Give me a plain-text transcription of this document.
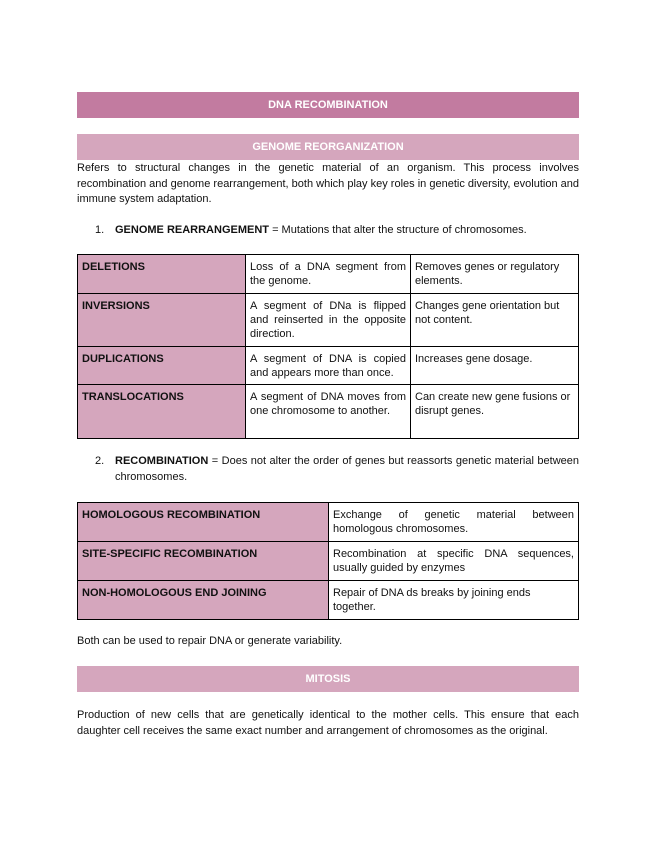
DNA RECOMBINATION
GENOME REORGANIZATION

Refers to structural changes in the genetic material of an organism. This process involves recombination and genome rearrangement, both which play key roles in genetic diversity, evolution and immune system adaptation.

1. GENOME REARRANGEMENT = Mutations that alter the structure of chromosomes.
DELETIONS	Loss of a DNA segment from the genome.	Removes genes or regulatory elements.
INVERSIONS	A segment of DNa is flipped and reinserted in the opposite direction.	Changes gene orientation but not content.
DUPLICATIONS	A segment of DNA is copied and appears more than once.	Increases gene dosage.
TRANSLOCATIONS	A segment of DNA moves from one chromosome to another.	Can create new gene fusions or disrupt genes.
2. RECOMBINATION = Does not alter the order of genes but reassorts genetic material between chromosomes.
HOMOLOGOUS RECOMBINATION	Exchange of genetic material between homologous chromosomes.
SITE-SPECIFIC RECOMBINATION	Recombination at specific DNA sequences, usually guided by enzymes
NON-HOMOLOGOUS END JOINING	Repair of DNA ds breaks by joining ends together.

Both can be used to repair DNA or generate variability.

MITOSIS

Production of new cells that are genetically identical to the mother cells. This ensure that each daughter cell receives the same exact number and arrangement of chromosomes as the original.
